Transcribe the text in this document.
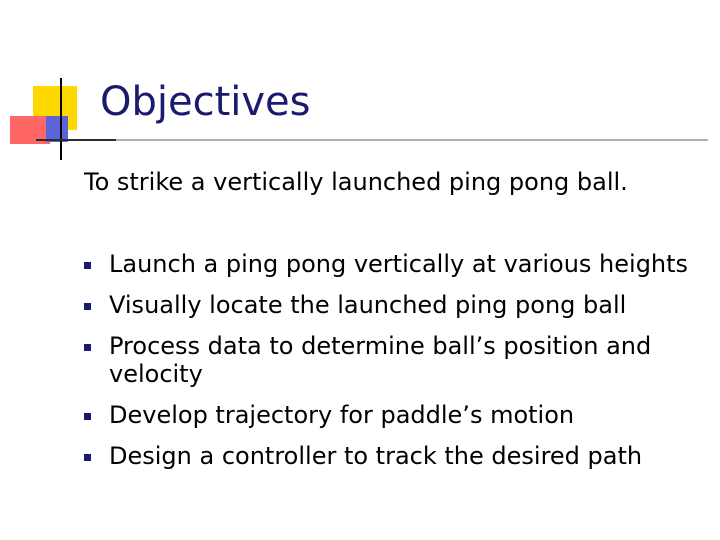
Objectives
To strike a vertically launched ping pong ball.
Launch a ping pong vertically at various heights
Visually locate the launched ping pong ball
Process data to determine ball’s position and velocity
Develop trajectory for paddle’s motion
Design a controller to track the desired path
